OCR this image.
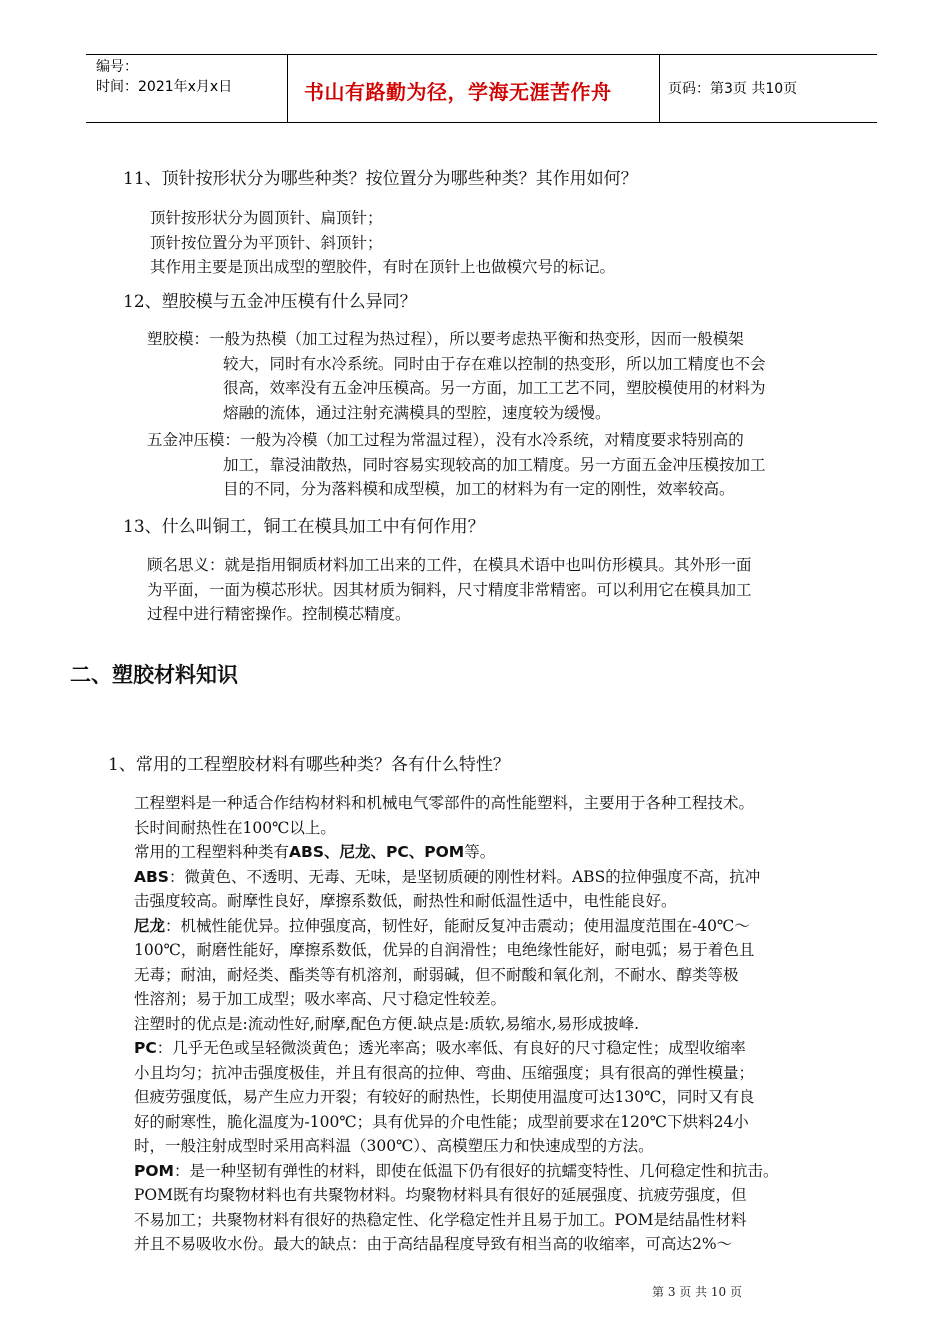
编号：
时间：2021年x月x日	书山有路勤为径，学海无涯苦作舟	页码：第3页 共10页
11、顶针按形状分为哪些种类？按位置分为哪些种类？其作用如何？
顶针按形状分为圆顶针、扁顶针；
顶针按位置分为平顶针、斜顶针；
其作用主要是顶出成型的塑胶件，有时在顶针上也做模穴号的标记。
12、塑胶模与五金冲压模有什么异同？
塑胶模：一般为热模（加工过程为热过程），所以要考虑热平衡和热变形，因而一般模架
较大，同时有水冷系统。同时由于存在难以控制的热变形，所以加工精度也不会
很高，效率没有五金冲压模高。另一方面，加工工艺不同，塑胶模使用的材料为
熔融的流体，通过注射充满模具的型腔，速度较为缓慢。
五金冲压模：一般为冷模（加工过程为常温过程），没有水冷系统，对精度要求特别高的
加工，靠浸油散热，同时容易实现较高的加工精度。另一方面五金冲压模按加工
目的不同，分为落料模和成型模，加工的材料为有一定的刚性，效率较高。
13、什么叫铜工，铜工在模具加工中有何作用？
顾名思义：就是指用铜质材料加工出来的工件，在模具术语中也叫仿形模具。其外形一面
为平面，一面为模芯形状。因其材质为铜料，尺寸精度非常精密。可以利用它在模具加工
过程中进行精密操作。控制模芯精度。
二、塑胶材料知识
1、常用的工程塑胶材料有哪些种类？各有什么特性？
工程塑料是一种适合作结构材料和机械电气零部件的高性能塑料，主要用于各种工程技术。
长时间耐热性在100℃以上。
常用的工程塑料种类有ABS、尼龙、PC、POM等。
ABS：微黄色、不透明、无毒、无味，是坚韧质硬的刚性材料。ABS的拉伸强度不高，抗冲
击强度较高。耐摩性良好，摩擦系数低，耐热性和耐低温性适中，电性能良好。
尼龙：机械性能优异。拉伸强度高，韧性好，能耐反复冲击震动；使用温度范围在-40℃～
100℃，耐磨性能好，摩擦系数低，优异的自润滑性；电绝缘性能好，耐电弧；易于着色且
无毒；耐油，耐烃类、酯类等有机溶剂，耐弱碱，但不耐酸和氧化剂，不耐水、醇类等极
性溶剂；易于加工成型；吸水率高、尺寸稳定性较差。
注塑时的优点是:流动性好,耐摩,配色方便.缺点是:质软,易缩水,易形成披峰.
PC：几乎无色或呈轻微淡黄色；透光率高；吸水率低、有良好的尺寸稳定性；成型收缩率
小且均匀；抗冲击强度极佳，并且有很高的拉伸、弯曲、压缩强度；具有很高的弹性模量；
但疲劳强度低，易产生应力开裂；有较好的耐热性，长期使用温度可达130℃，同时又有良
好的耐寒性，脆化温度为-100℃；具有优异的介电性能；成型前要求在120℃下烘料24小
时，一般注射成型时采用高料温（300℃）、高模塑压力和快速成型的方法。
POM：是一种坚韧有弹性的材料，即使在低温下仍有很好的抗蠕变特性、几何稳定性和抗击。
POM既有均聚物材料也有共聚物材料。均聚物材料具有很好的延展强度、抗疲劳强度，但
不易加工；共聚物材料有很好的热稳定性、化学稳定性并且易于加工。POM是结晶性材料
并且不易吸收水份。最大的缺点：由于高结晶程度导致有相当高的收缩率，可高达2%～
第 3 页 共 10 页
